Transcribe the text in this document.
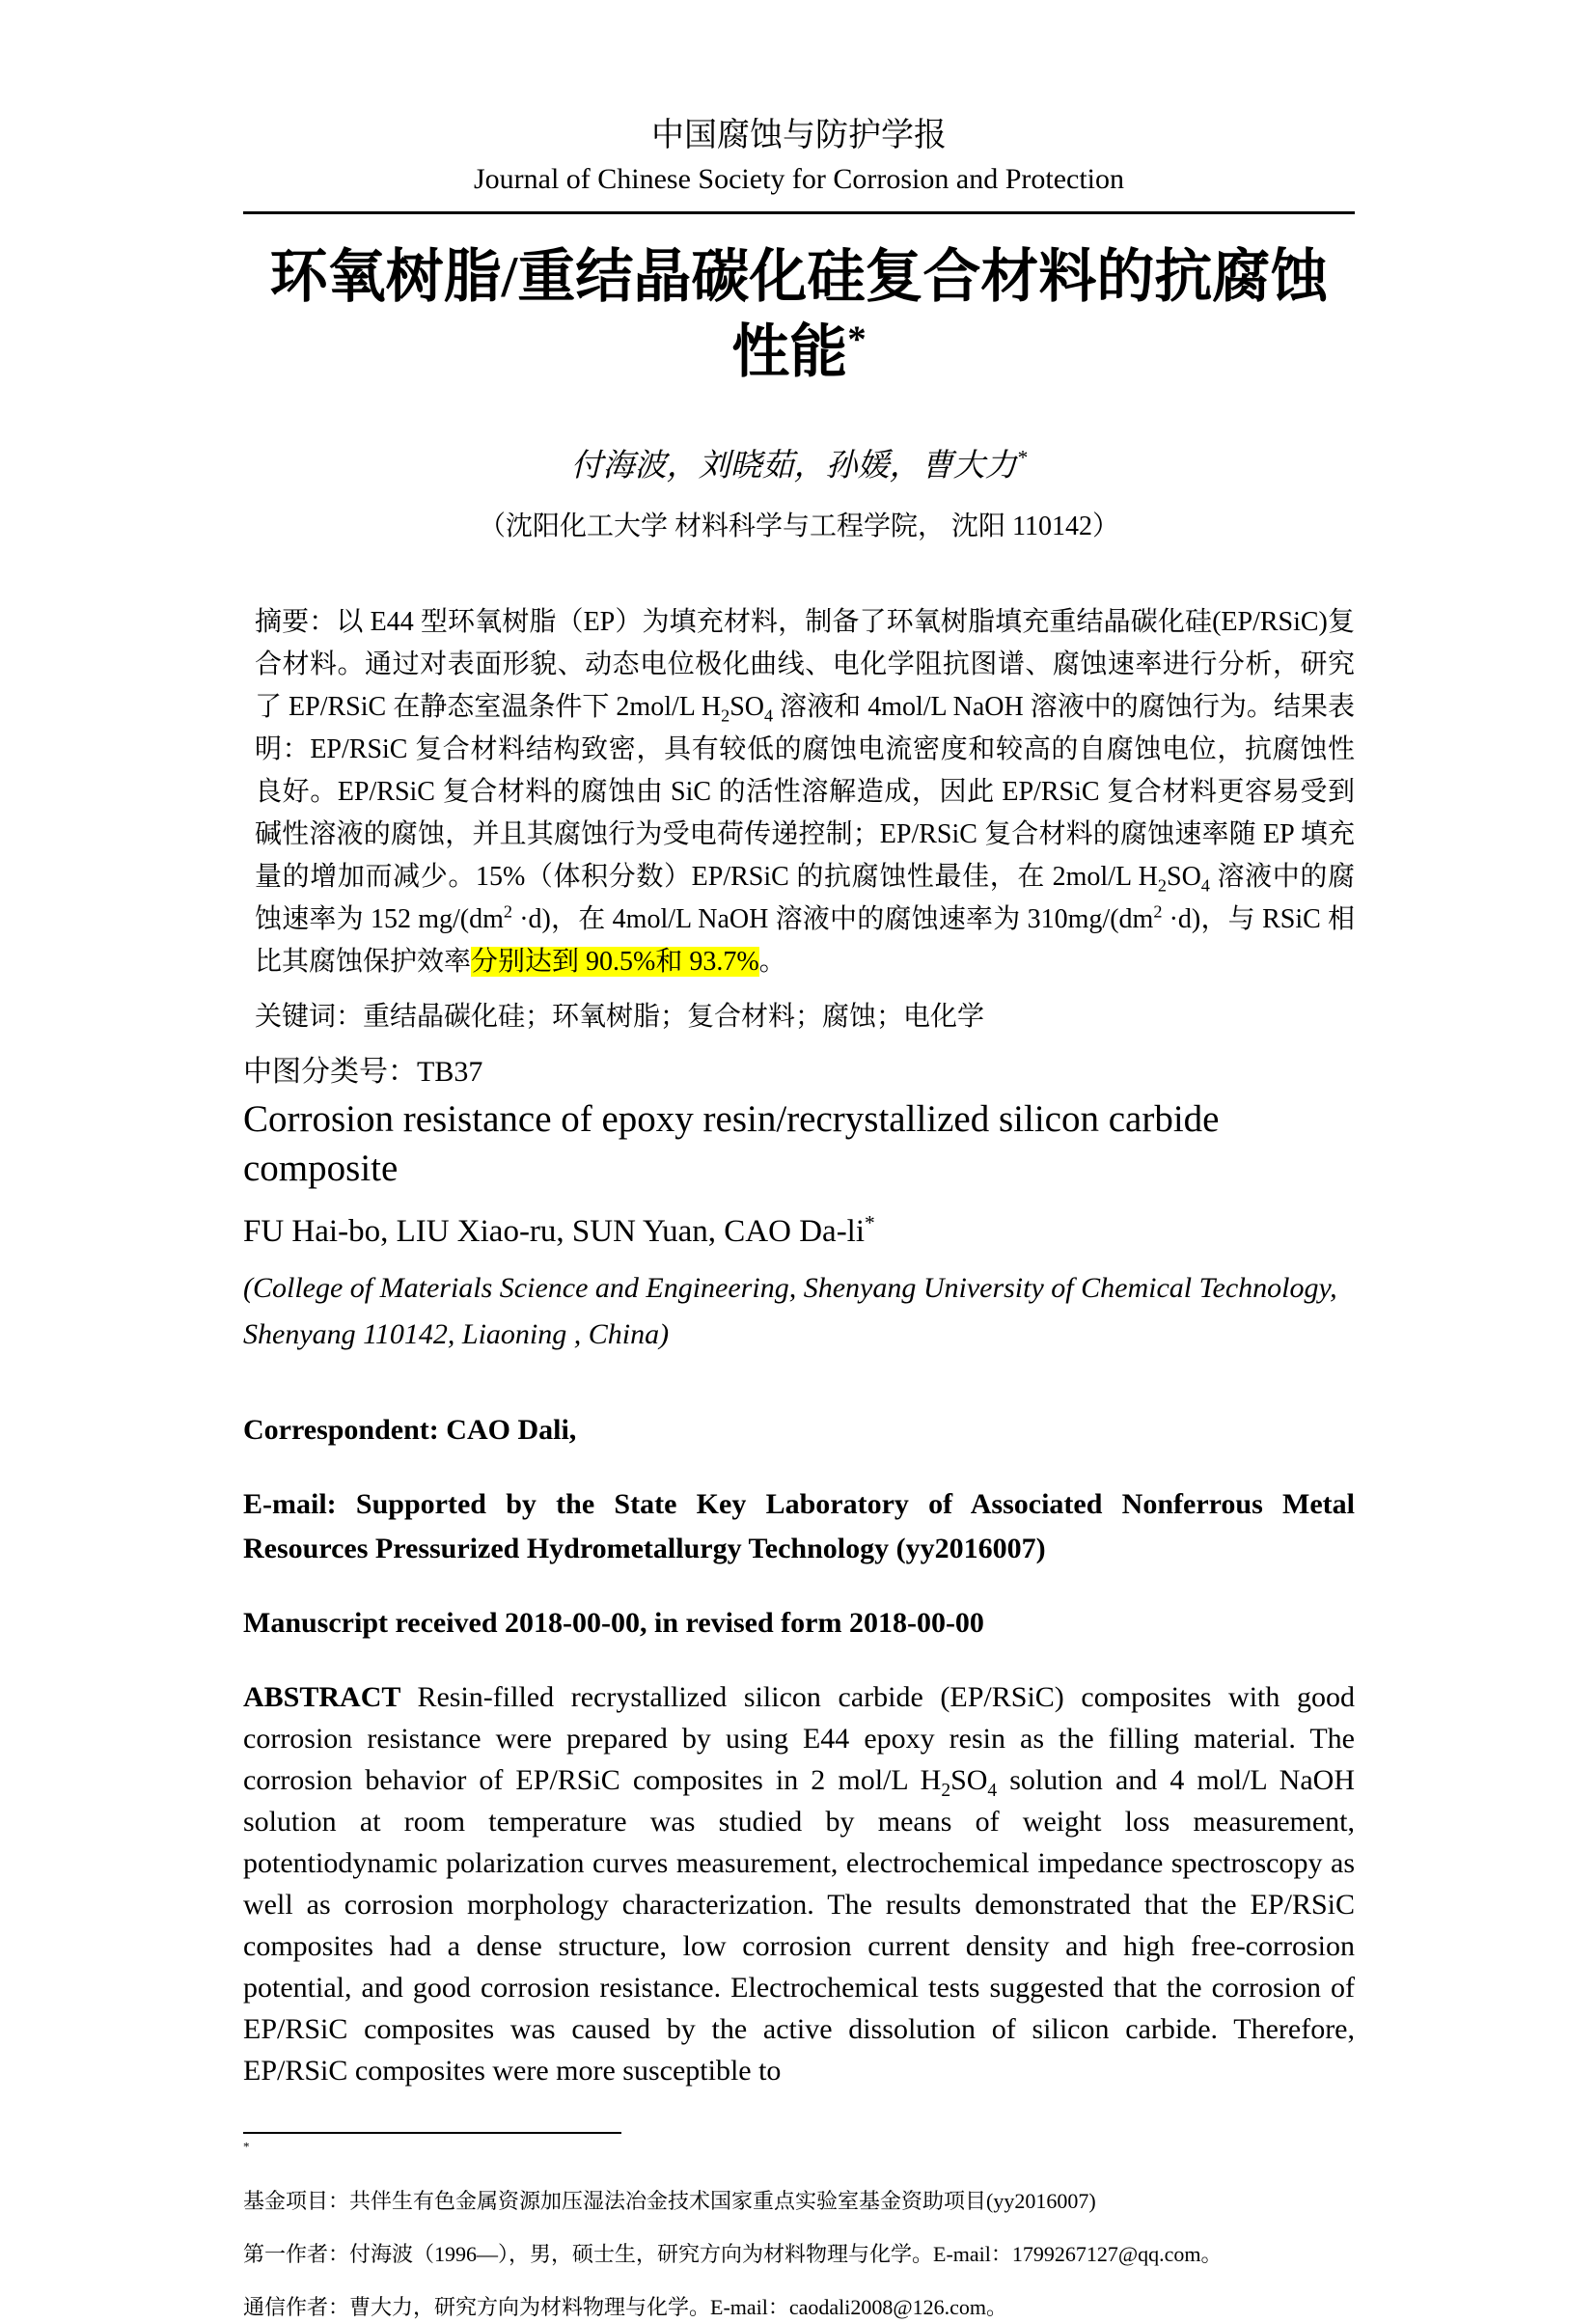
中国腐蚀与防护学报
Journal of Chinese Society for Corrosion and Protection
环氧树脂/重结晶碳化硅复合材料的抗腐蚀性能*
付海波，刘晓茹，孙媛，曹大力*
（沈阳化工大学 材料科学与工程学院， 沈阳 110142）
摘要：以 E44 型环氧树脂（EP）为填充材料，制备了环氧树脂填充重结晶碳化硅(EP/RSiC)复合材料。通过对表面形貌、动态电位极化曲线、电化学阻抗图谱、腐蚀速率进行分析，研究了 EP/RSiC 在静态室温条件下 2mol/L $H_2SO_4$ 溶液和 4mol/L NaOH 溶液中的腐蚀行为。结果表明：EP/RSiC 复合材料结构致密，具有较低的腐蚀电流密度和较高的自腐蚀电位，抗腐蚀性良好。EP/RSiC 复合材料的腐蚀由 SiC 的活性溶解造成，因此 EP/RSiC 复合材料更容易受到碱性溶液的腐蚀，并且其腐蚀行为受电荷传递控制；EP/RSiC 复合材料的腐蚀速率随 EP 填充量的增加而减少。15%（体积分数）EP/RSiC 的抗腐蚀性最佳，在 2mol/L $H_2SO_4$ 溶液中的腐蚀速率为 152 $mg/(dm^2 \cdot d)$，在 4mol/L NaOH 溶液中的腐蚀速率为 $310mg/(dm^2 \cdot d)$，与 RSiC 相比其腐蚀保护效率分别达到 90.5%和 93.7%。
关键词：重结晶碳化硅；环氧树脂；复合材料；腐蚀；电化学
中图分类号：TB37
Corrosion resistance of epoxy resin/recrystallized silicon carbide composite
FU Hai-bo, LIU Xiao-ru, SUN Yuan, CAO Da-li*
(College of Materials Science and Engineering, Shenyang University of Chemical Technology, Shenyang 110142, Liaoning , China)
Correspondent: CAO Dali,
E-mail: Supported by the State Key Laboratory of Associated Nonferrous Metal Resources Pressurized Hydrometallurgy Technology (yy2016007)
Manuscript received 2018-00-00, in revised form 2018-00-00
ABSTRACT Resin-filled recrystallized silicon carbide (EP/RSiC) composites with good corrosion resistance were prepared by using E44 epoxy resin as the filling material. The corrosion behavior of EP/RSiC composites in 2 mol/L $H_2SO_4$ solution and 4 mol/L NaOH solution at room temperature was studied by means of weight loss measurement, potentiodynamic polarization curves measurement, electrochemical impedance spectroscopy as well as corrosion morphology characterization. The results demonstrated that the EP/RSiC composites had a dense structure, low corrosion current density and high free-corrosion potential, and good corrosion resistance. Electrochemical tests suggested that the corrosion of EP/RSiC composites was caused by the active dissolution of silicon carbide. Therefore, EP/RSiC composites were more susceptible to
*
基金项目：共伴生有色金属资源加压湿法冶金技术国家重点实验室基金资助项目(yy2016007)
第一作者：付海波（1996—），男，硕士生，研究方向为材料物理与化学。E-mail：1799267127@qq.com。
通信作者：曹大力，研究方向为材料物理与化学。E-mail：caodali2008@126.com。
